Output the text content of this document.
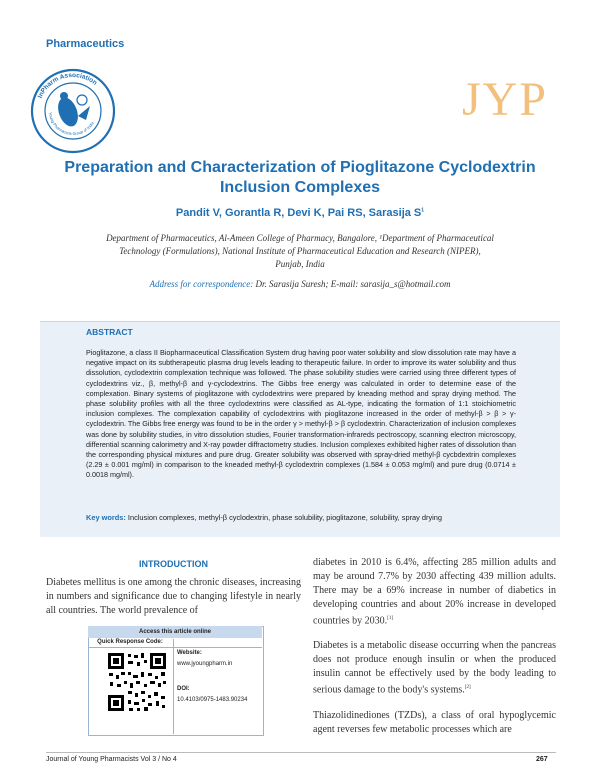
Pharmaceutics
InPharm Association
Young Pharmacists Group of India	JYP
Preparation and Characterization of Pioglitazone Cyclodextrin
Inclusion Complexes
Pandit V, Gorantla R, Devi K, Pai RS, Sarasija $S^1$
Department of Pharmaceutics, Al-Ameen College of Pharmacy, Bangalore, ¹Department of Pharmaceutical
Technology (Formulations), National Institute of Pharmaceutical Education and Research (NIPER),
Punjab, India
Address for correspondence: Dr. Sarasija Suresh; E-mail: sarasija_s@hotmail.com
ABSTRACT
Pioglitazone, a class II Biopharmaceutical Classification System drug having poor water solubility and slow dissolution rate may have a negative impact on its subtherapeutic plasma drug levels leading to therapeutic failure. In order to improve its water solubility and thus dissolution, cyclodextrin complexation technique was followed. The phase solubility studies were carried using three different types of cyclodextrins viz., β, methyl-β and γ-cyclodextrins. The Gibbs free energy was calculated in order to determine ease of the complexation. Binary systems of pioglitazone with cyclodextrins were prepared by kneading method and spray drying method. The phase solubility profiles with all the three cyclodextrins were classified as AL-type, indicating the formation of 1:1 stoichiometric inclusion complexes. The complexation capability of cyclodextrins with pioglitazone increased in the order of methyl-β > β > γ-cyclodextrin. The Gibbs free energy was found to be in the order γ > methyl-β > β cyclodextrin. Characterization of inclusion complexes was done by solubility studies, in vitro dissolution studies, Fourier transformation-infrareds pectroscopy, scanning electron microscopy, differential scanning calorimetry and X-ray powder diffractometry studies. Inclusion complexes exhibited higher rates of dissolution than the corresponding physical mixtures and pure drug. Greater solubility was observed with spray-dried methyl-β cycbdextrin complexes (2.29 ± 0.001 mg/ml) in comparison to the kneaded methyl-β cyclodextrin complexes (1.584 ± 0.053 mg/ml) and pure drug (0.0714 ± 0.0018 mg/ml).
Key words: Inclusion complexes, methyl-β cyclodextrin, phase solubility, pioglitazone, solubility, spray drying
INTRODUCTION
Diabetes mellitus is one among the chronic diseases, increasing in numbers and significance due to changing lifestyle in nearly all countries. The world prevalence of

diabetes in 2010 is 6.4%, affecting 285 million adults and may be around 7.7% by 2030 affecting 439 million adults. There may be a 69% increase in number of diabetics in developing countries and about 20% increase in developed countries by 2030.[1]

Diabetes is a metabolic disease occurring when the pancreas does not produce enough insulin or when the produced insulin cannot be effectively used by the body leading to serious damage to the body's systems.[2]

Thiazolidinediones (TZDs), a class of oral hypoglycemic agent reverses few metabolic processes which are

Access this article online
Quick Response Code:
Website:
www.jyoungpharm.in
DOI:
10.4103/0975-1483.90234
Journal of Young Pharmacists Vol 3 / No 4	267
